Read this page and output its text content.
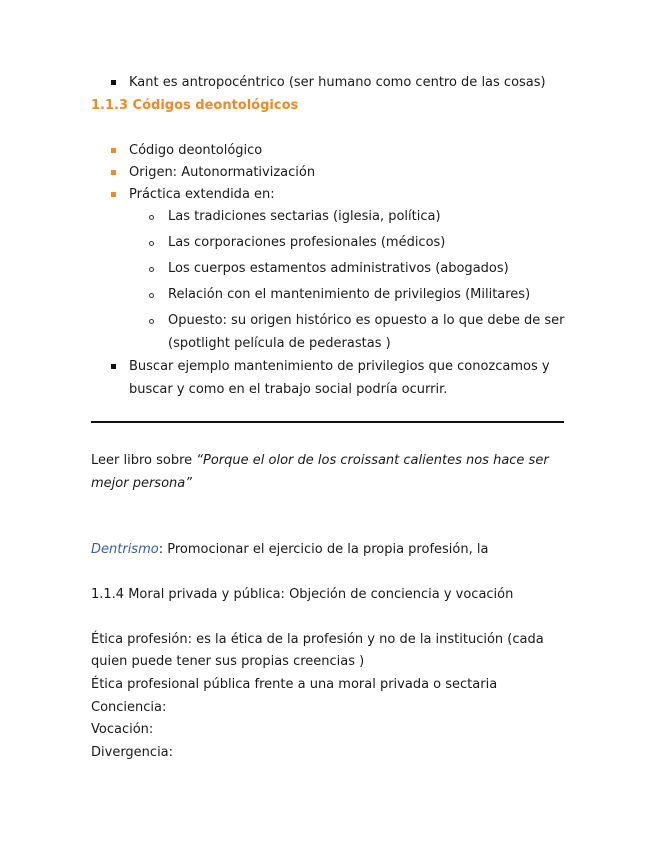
Kant es antropocéntrico (ser humano como centro de las cosas)
1.1.3 Códigos deontológicos
Código deontológico
Origen: Autonormativización
Práctica extendida en:
Las tradiciones sectarias (iglesia, política)
Las corporaciones profesionales (médicos)
Los cuerpos estamentos administrativos (abogados)
Relación con el mantenimiento de privilegios (Militares)
Opuesto: su origen histórico es opuesto a lo que debe de ser
(spotlight película de pederastas )
Buscar ejemplo mantenimiento de privilegios que conozcamos y
buscar y como en el trabajo social podría ocurrir.
Leer libro sobre “Porque el olor de los croissant calientes nos hace ser
mejor persona”
Dentrismo: Promocionar el ejercicio de la propia profesión, la
1.1.4 Moral privada y pública: Objeción de conciencia y vocación
Ética profesión: es la ética de la profesión y no de la institución (cada
quien puede tener sus propias creencias )
Ética profesional pública frente a una moral privada o sectaria
Conciencia:
Vocación:
Divergencia:
